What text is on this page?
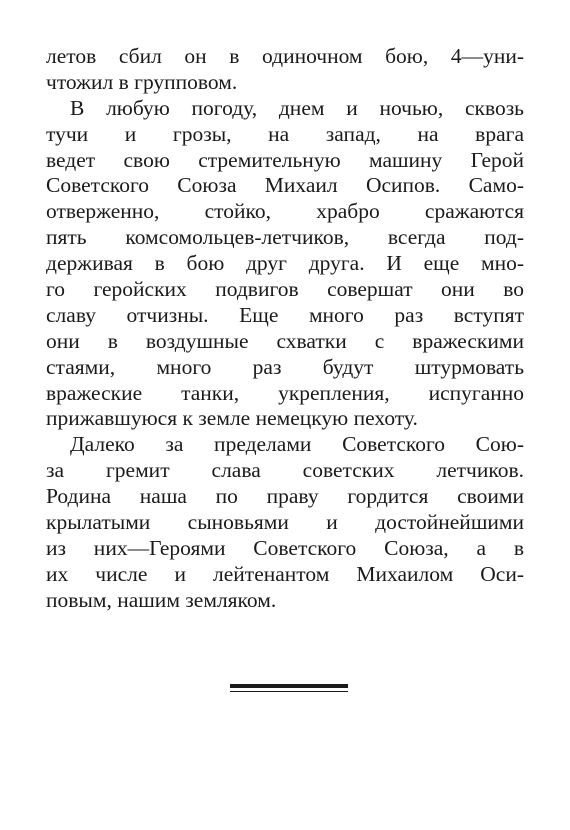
летов сбил он в одиночном бою, 4—уни-
чтожил в групповом.
В любую погоду, днем и ночью, сквозь
тучи и грозы, на запад, на врага
ведет свою стремительную машину Герой
Советского Союза Михаил Осипов. Само-
отверженно, стойко, храбро сражаются
пять комсомольцев-летчиков, всегда под-
держивая в бою друг друга. И еще мно-
го геройских подвигов совершат они во
славу отчизны. Еще много раз вступят
они в воздушные схватки с вражескими
стаями, много раз будут штурмовать
вражеские танки, укрепления, испуганно
прижавшуюся к земле немецкую пехоту.
Далеко за пределами Советского Сою-
за гремит слава советских летчиков.
Родина наша по праву гордится своими
крылатыми сыновьями и достойнейшими
из них—Героями Советского Союза, а в
их числе и лейтенантом Михаилом Оси-
повым, нашим земляком.
